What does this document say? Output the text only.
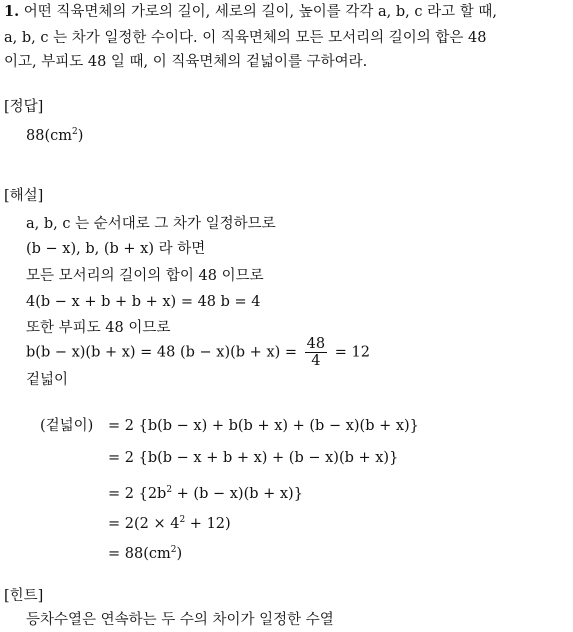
1. 어떤 직육면체의 가로의 길이, 세로의 길이, 높이를 각각 a, b, c 라고 할 때,
a, b, c 는 차가 일정한 수이다. 이 직육면체의 모든 모서리의 길이의 합은 48
이고, 부피도 48 일 때, 이 직육면체의 겉넓이를 구하여라.
[정답]
$88(cm^2)$
[해설]
a, b, c 는 순서대로 그 차가 일정하므로
(b − x), b, (b + x) 라 하면
모든 모서리의 길이의 합이 48 이므로
4(b − x + b + b + x) = 48 b = 4
또한 부피도 48 이므로
b(b − x)(b + x) = 48 $(b - x)(b + x) = \frac{48}{4} = 12$
겉넓이
(겉넓이) = 2 {b(b − x) + b(b + x) + (b − x)(b + x)}
= 2 {b(b − x + b + x) + (b − x)(b + x)}
= 2 $\{2b^2 + (b - x)(b + x)\}$
= $2(2 \times 4^2 + 12)$
= $88(cm^2)$
[힌트]
등차수열은 연속하는 두 수의 차이가 일정한 수열
